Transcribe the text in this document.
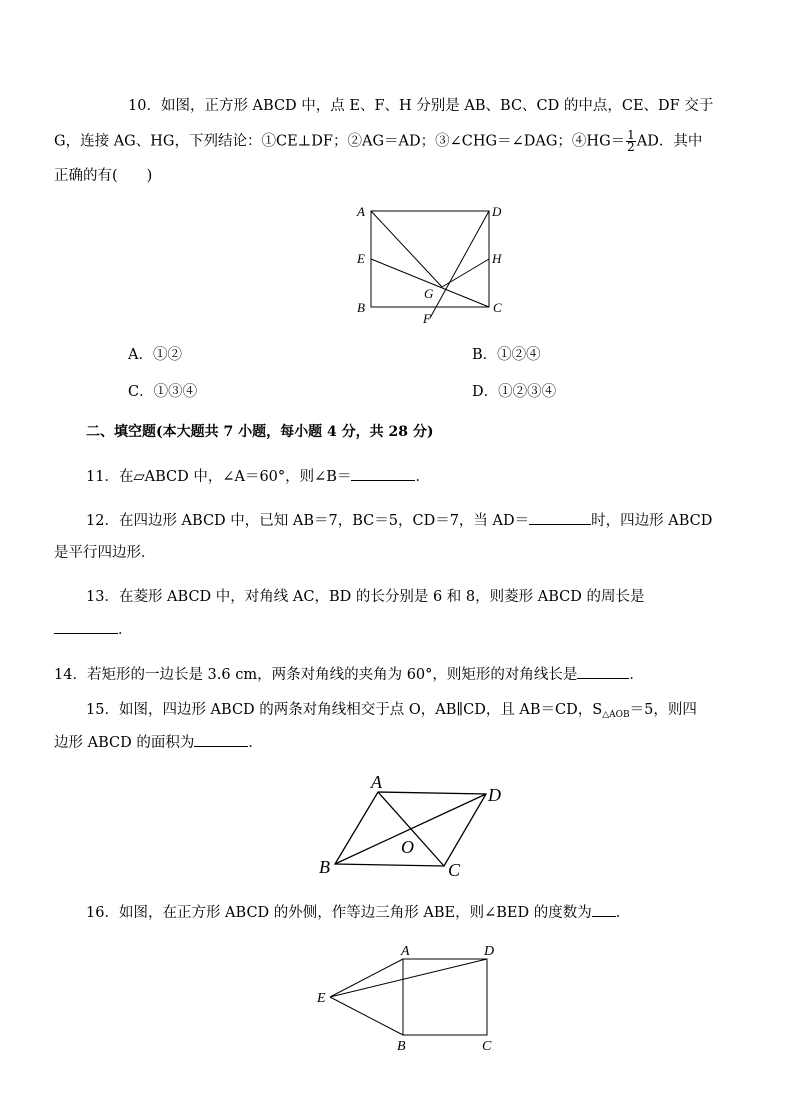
10．如图，正方形 ABCD 中，点 E、F、H 分别是 AB、BC、CD 的中点，CE、DF 交于
G，连接 AG、HG，下列结论：①CE⊥DF；②AG＝AD；③∠CHG＝∠DAG；④HG＝ $\frac{1}{2}$ AD．其中
正确的有(　　)
A	D
E	H
G
B	C
F
A．①②	B．①②④
C．①③④	D．①②③④
二、填空题(本大题共 7 小题，每小题 4 分，共 28 分)
11．在▱ABCD 中，∠A＝60°，则∠B＝	．
12．在四边形 ABCD 中，已知 AB＝7，BC＝5，CD＝7，当 AD＝	时，四边形 ABCD
是平行四边形．
13．在菱形 ABCD 中，对角线 AC，BD 的长分别是 6 和 8，则菱形 ABCD 的周长是
．
14．若矩形的一边长是 3.6 cm，两条对角线的夹角为 60°，则矩形的对角线长是	．
15．如图，四边形 ABCD 的两条对角线相交于点 O，AB∥CD，且 AB＝CD，$S_{\triangle AOB}=5$，则四
边形 ABCD 的面积为	．
A
D
O
B	C
16．如图，在正方形 ABCD 的外侧，作等边三角形 ABE，则∠BED 的度数为 ．
A	D
E
B	C
